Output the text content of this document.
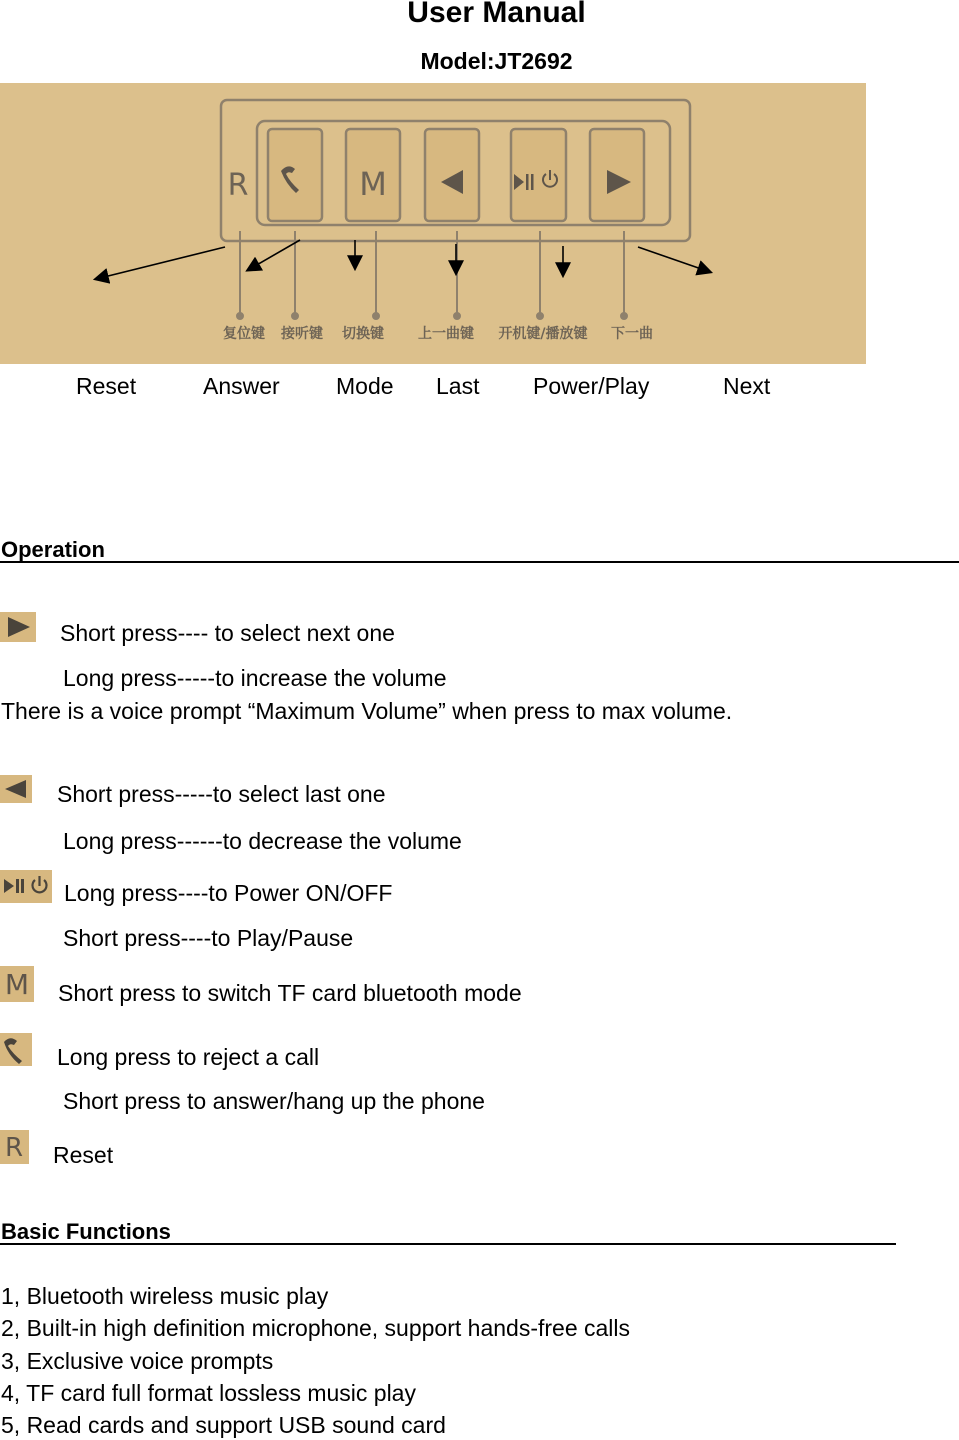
User Manual
Model:JT2692
R	M
复位键 接听键 切换键 上一曲键 开机键/播放键 下一曲
Reset	Answer Mode Last Power/Play	Next
Operation
Short press---- to select next one
Long press-----to increase the volume
There is a voice prompt “Maximum Volume” when press to max volume.
Short press-----to select last one
Long press------to decrease the volume
Long press----to Power ON/OFF
Short press----to Play/Pause
M Short press to switch TF card bluetooth mode
Long press to reject a call
Short press to answer/hang up the phone
R Reset
Basic Functions
1, Bluetooth wireless music play
2, Built-in high definition microphone, support hands-free calls
3, Exclusive voice prompts
4, TF card full format lossless music play
5, Read cards and support USB sound card
